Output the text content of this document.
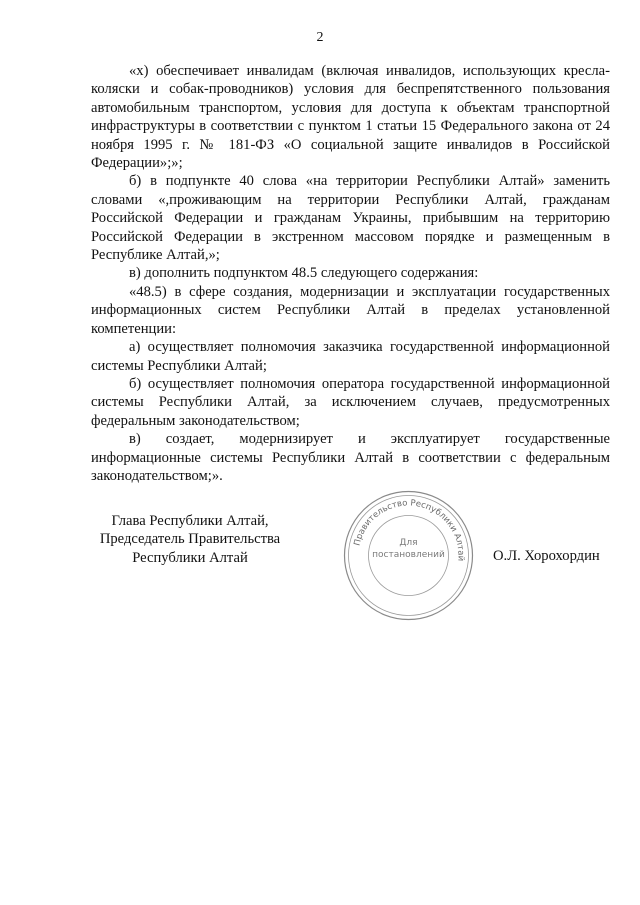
2

«х) обеспечивает инвалидам (включая инвалидов, использующих кресла-коляски и собак-проводников) условия для беспрепятственного пользования автомобильным транспортом, условия для доступа к объектам транспортной инфраструктуры в соответствии с пунктом 1 статьи 15 Федерального закона от 24 ноября 1995 г. № 181-ФЗ «О социальной защите инвалидов в Российской Федерации»;»;

б) в подпункте 40 слова «на территории Республики Алтай» заменить словами «,проживающим на территории Республики Алтай, гражданам Российской Федерации и гражданам Украины, прибывшим на территорию Российской Федерации в экстренном массовом порядке и размещенным в Республике Алтай,»;

в) дополнить подпунктом 48.5 следующего содержания:

«48.5) в сфере создания, модернизации и эксплуатации государственных информационных систем Республики Алтай в пределах установленной компетенции:

а) осуществляет полномочия заказчика государственной информационной системы Республики Алтай;

б) осуществляет полномочия оператора государственной информационной системы Республики Алтай, за исключением случаев, предусмотренных федеральным законодательством;

в) создает, модернизирует и эксплуатирует государственные информационные системы Республики Алтай в соответствии с федеральным законодательством;».

Глава Республики Алтай,
Председатель Правительства
Республики Алтай
Правительство Республики Алтай
Для
постановлений	О.Л. Хорохордин
